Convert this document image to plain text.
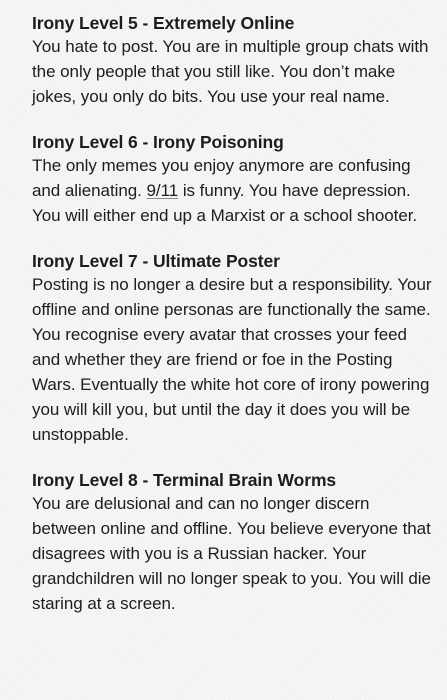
Irony Level 5 - Extremely Online

You hate to post. You are in multiple group chats with the only people that you still like. You don’t make jokes, you only do bits. You use your real name.

Irony Level 6 - Irony Poisoning

The only memes you enjoy anymore are confusing and alienating. 9/11 is funny. You have depression. You will either end up a Marxist or a school shooter.

Irony Level 7 - Ultimate Poster

Posting is no longer a desire but a responsibility. Your offline and online personas are functionally the same. You recognise every avatar that crosses your feed and whether they are friend or foe in the Posting Wars. Eventually the white hot core of irony powering you will kill you, but until the day it does you will be unstoppable.

Irony Level 8 - Terminal Brain Worms

You are delusional and can no longer discern between online and offline. You believe everyone that disagrees with you is a Russian hacker. Your grandchildren will no longer speak to you. You will die staring at a screen.
